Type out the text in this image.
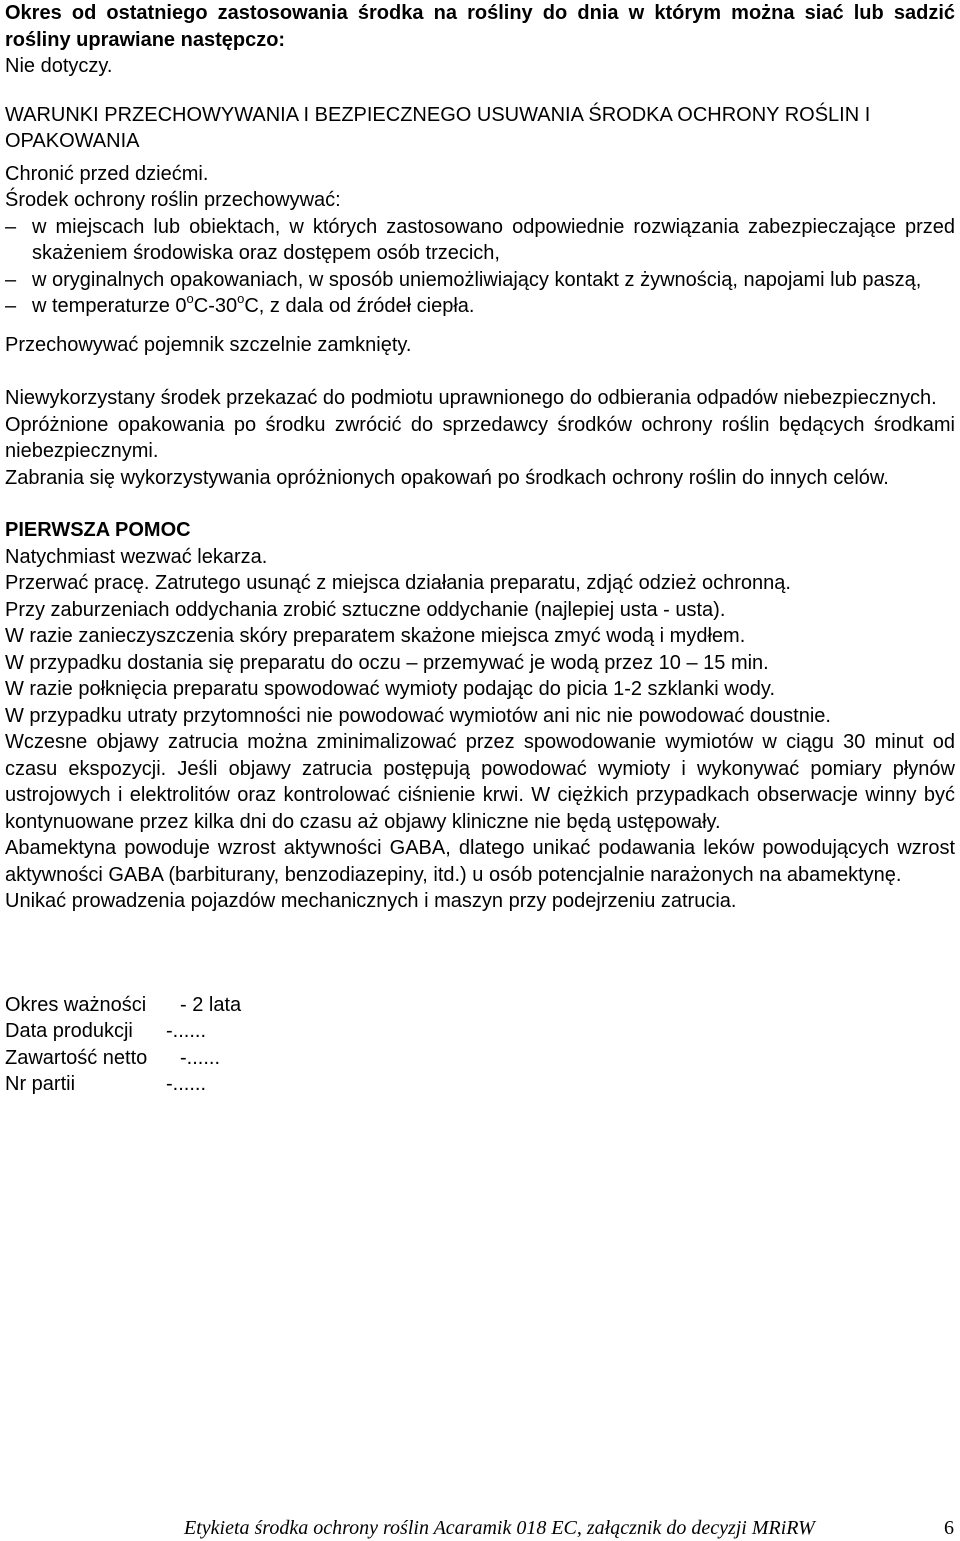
Okres od ostatniego zastosowania środka na rośliny do dnia w którym można siać lub sadzić rośliny uprawiane następczo:

Nie dotyczy.

WARUNKI PRZECHOWYWANIA I BEZPIECZNEGO USUWANIA ŚRODKA OCHRONY ROŚLIN I OPAKOWANIA

Chronić przed dziećmi.

Środek ochrony roślin przechowywać:

– w miejscach lub obiektach, w których zastosowano odpowiednie rozwiązania zabezpieczające przed skażeniem środowiska oraz dostępem osób trzecich,
– w oryginalnych opakowaniach, w sposób uniemożliwiający kontakt z żywnością, napojami lub paszą,
– w temperaturze 0$^o$C-30$^o$C, z dala od źródeł ciepła.

Przechowywać pojemnik szczelnie zamknięty.

Niewykorzystany środek przekazać do podmiotu uprawnionego do odbierania odpadów niebezpiecznych.

Opróżnione opakowania po środku zwrócić do sprzedawcy środków ochrony roślin będących środkami niebezpiecznymi.

Zabrania się wykorzystywania opróżnionych opakowań po środkach ochrony roślin do innych celów.

PIERWSZA POMOC

Natychmiast wezwać lekarza.

Przerwać pracę. Zatrutego usunąć z miejsca działania preparatu, zdjąć odzież ochronną.

Przy zaburzeniach oddychania zrobić sztuczne oddychanie (najlepiej usta - usta).

W razie zanieczyszczenia skóry preparatem skażone miejsca zmyć wodą i mydłem.

W przypadku dostania się preparatu do oczu – przemywać je wodą przez 10 – 15 min.

W razie połknięcia preparatu spowodować wymioty podając do picia 1-2 szklanki wody.

W przypadku utraty przytomności nie powodować wymiotów ani nic nie powodować doustnie.

Wczesne objawy zatrucia można zminimalizować przez spowodowanie wymiotów w ciągu 30 minut od czasu ekspozycji. Jeśli objawy zatrucia postępują powodować wymioty i wykonywać pomiary płynów ustrojowych i elektrolitów oraz kontrolować ciśnienie krwi. W ciężkich przypadkach obserwacje winny być kontynuowane przez kilka dni do czasu aż objawy kliniczne nie będą ustępowały.

Abamektyna powoduje wzrost aktywności GABA, dlatego unikać podawania leków powodujących wzrost aktywności GABA (barbiturany, benzodiazepiny, itd.) u osób potencjalnie narażonych na abamektynę.

Unikać prowadzenia pojazdów mechanicznych i maszyn przy podejrzeniu zatrucia.

Okres ważności	- 2 lata
Data produkcji	-......
Zawartość netto	-......
Nr partii	-......
Etykieta środka ochrony roślin Acaramik 018 EC, załącznik do decyzji MRiRW	6
